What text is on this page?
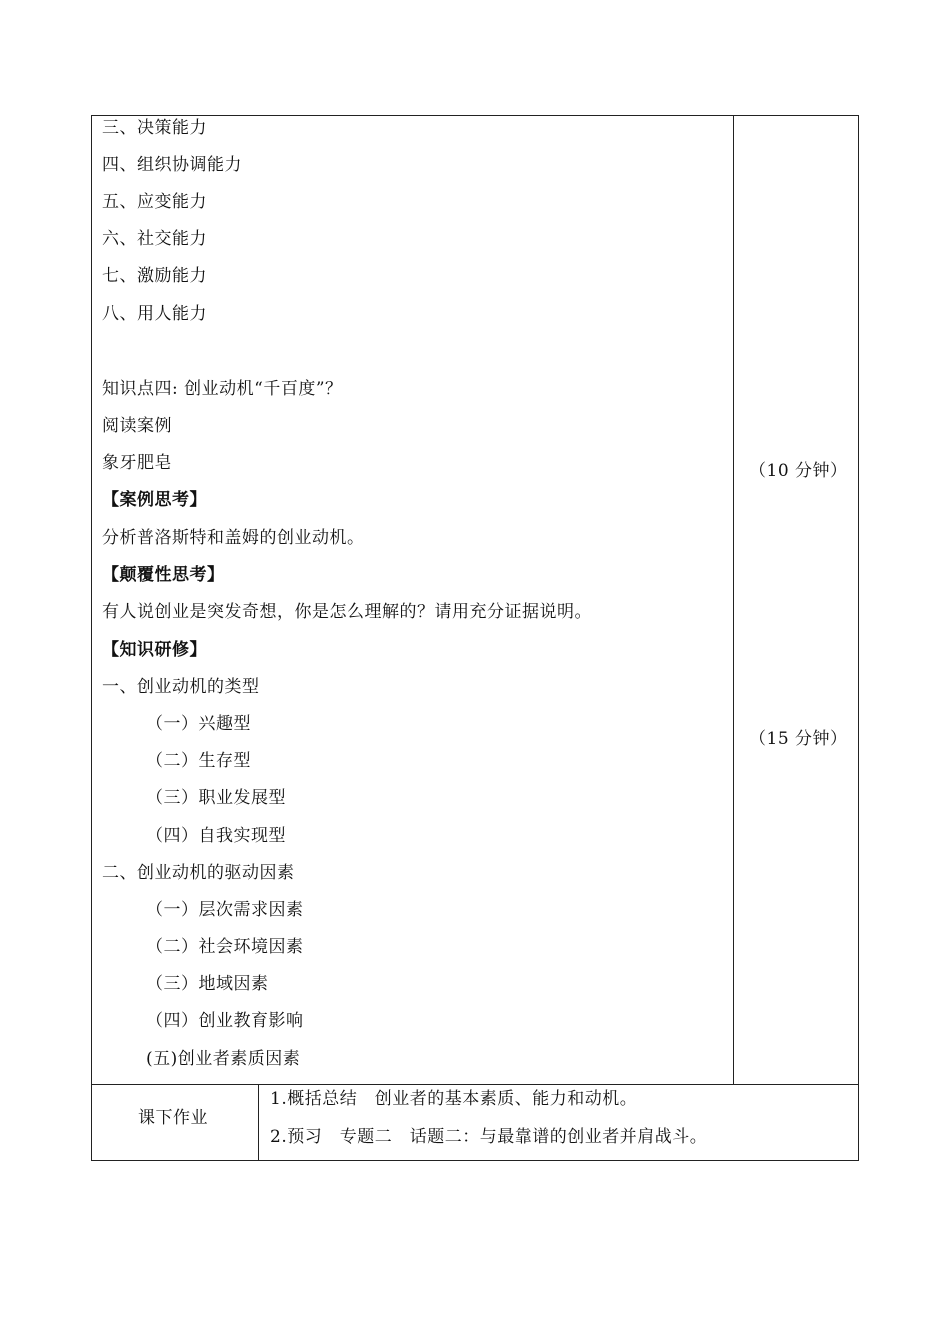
三、决策能力
四、组织协调能力
五、应变能力
六、社交能力
七、激励能力
八、用人能力
知识点四: 创业动机“千百度”？
阅读案例
象牙肥皂
【案例思考】
分析普洛斯特和盖姆的创业动机。
【颠覆性思考】
有人说创业是突发奇想，你是怎么理解的？请用充分证据说明。
【知识研修】
一、创业动机的类型
（一）兴趣型
（二）生存型
（三）职业发展型
（四）自我实现型
二、创业动机的驱动因素
（一）层次需求因素
（二）社会环境因素
（三）地域因素
（四）创业教育影响
(五)创业者素质因素
（10 分钟）
（15 分钟）
课下作业
1.概括总结　创业者的基本素质、能力和动机。
2.预习　专题二　话题二：与最靠谱的创业者并肩战斗。
